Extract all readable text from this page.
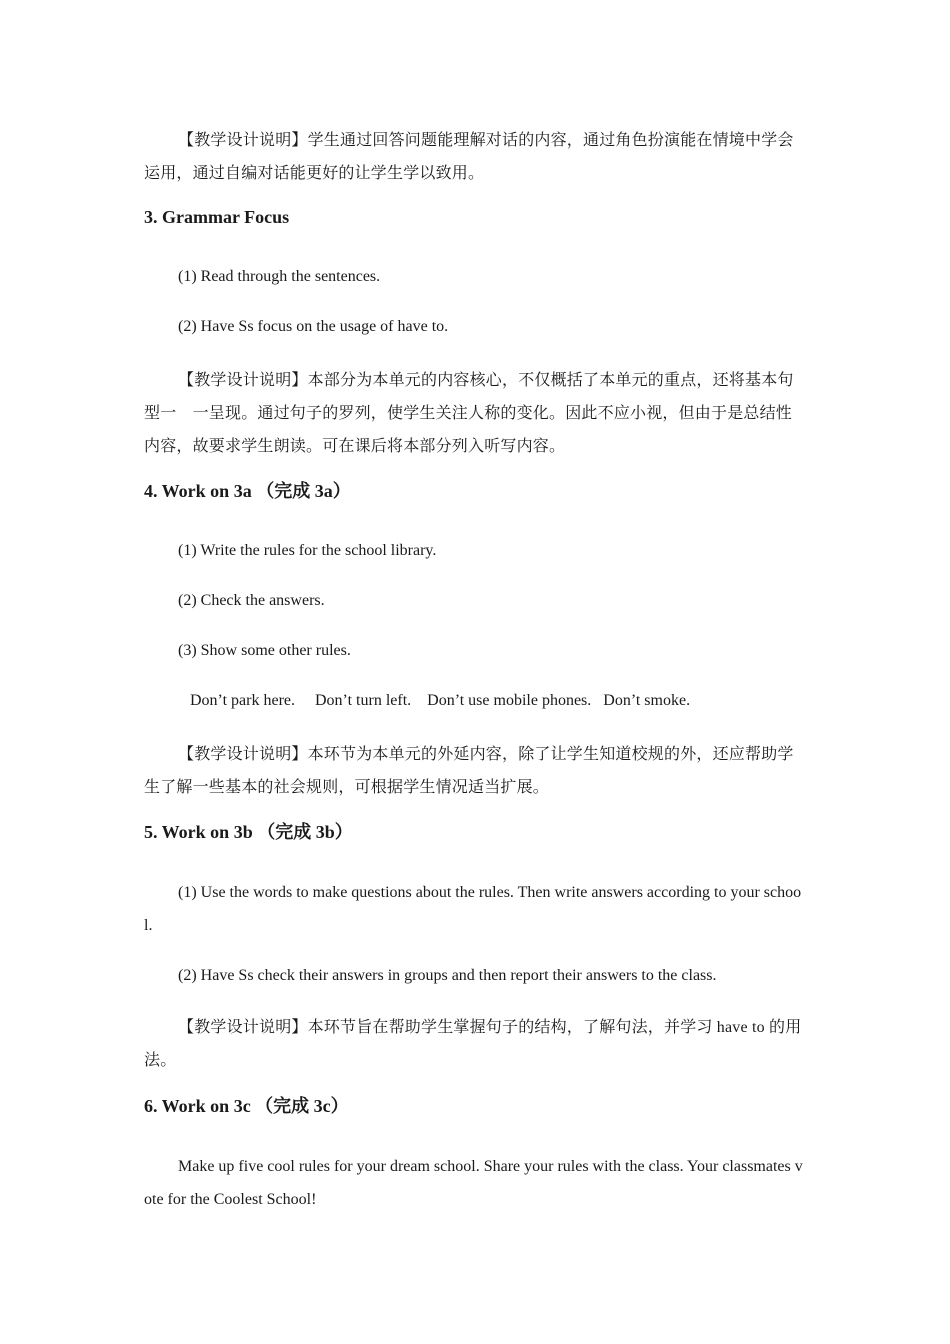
【教学设计说明】学生通过回答问题能理解对话的内容，通过角色扮演能在情境中学会运用，通过自编对话能更好的让学生学以致用。

3. Grammar Focus

(1) Read through the sentences.

(2) Have Ss focus on the usage of have to.

【教学设计说明】本部分为本单元的内容核心，不仅概括了本单元的重点，还将基本句型一　一呈现。通过句子的罗列，使学生关注人称的变化。因此不应小视，但由于是总结性内容，故要求学生朗读。可在课后将本部分列入听写内容。

4. Work on 3a （完成 3a）

(1) Write the rules for the school library.

(2) Check the answers.

(3) Show some other rules.

Don’t park here.     Don’t turn left.    Don’t use mobile phones.   Don’t smoke.

【教学设计说明】本环节为本单元的外延内容，除了让学生知道校规的外，还应帮助学生了解一些基本的社会规则，可根据学生情况适当扩展。

5. Work on 3b （完成 3b）

(1) Use the words to make questions about the rules. Then write answers according to your school.

(2) Have Ss check their answers in groups and then report their answers to the class.

【教学设计说明】本环节旨在帮助学生掌握句子的结构，了解句法，并学习 have to 的用法。

6. Work on 3c （完成 3c）

Make up five cool rules for your dream school. Share your rules with the class. Your classmates vote for the Coolest School!
